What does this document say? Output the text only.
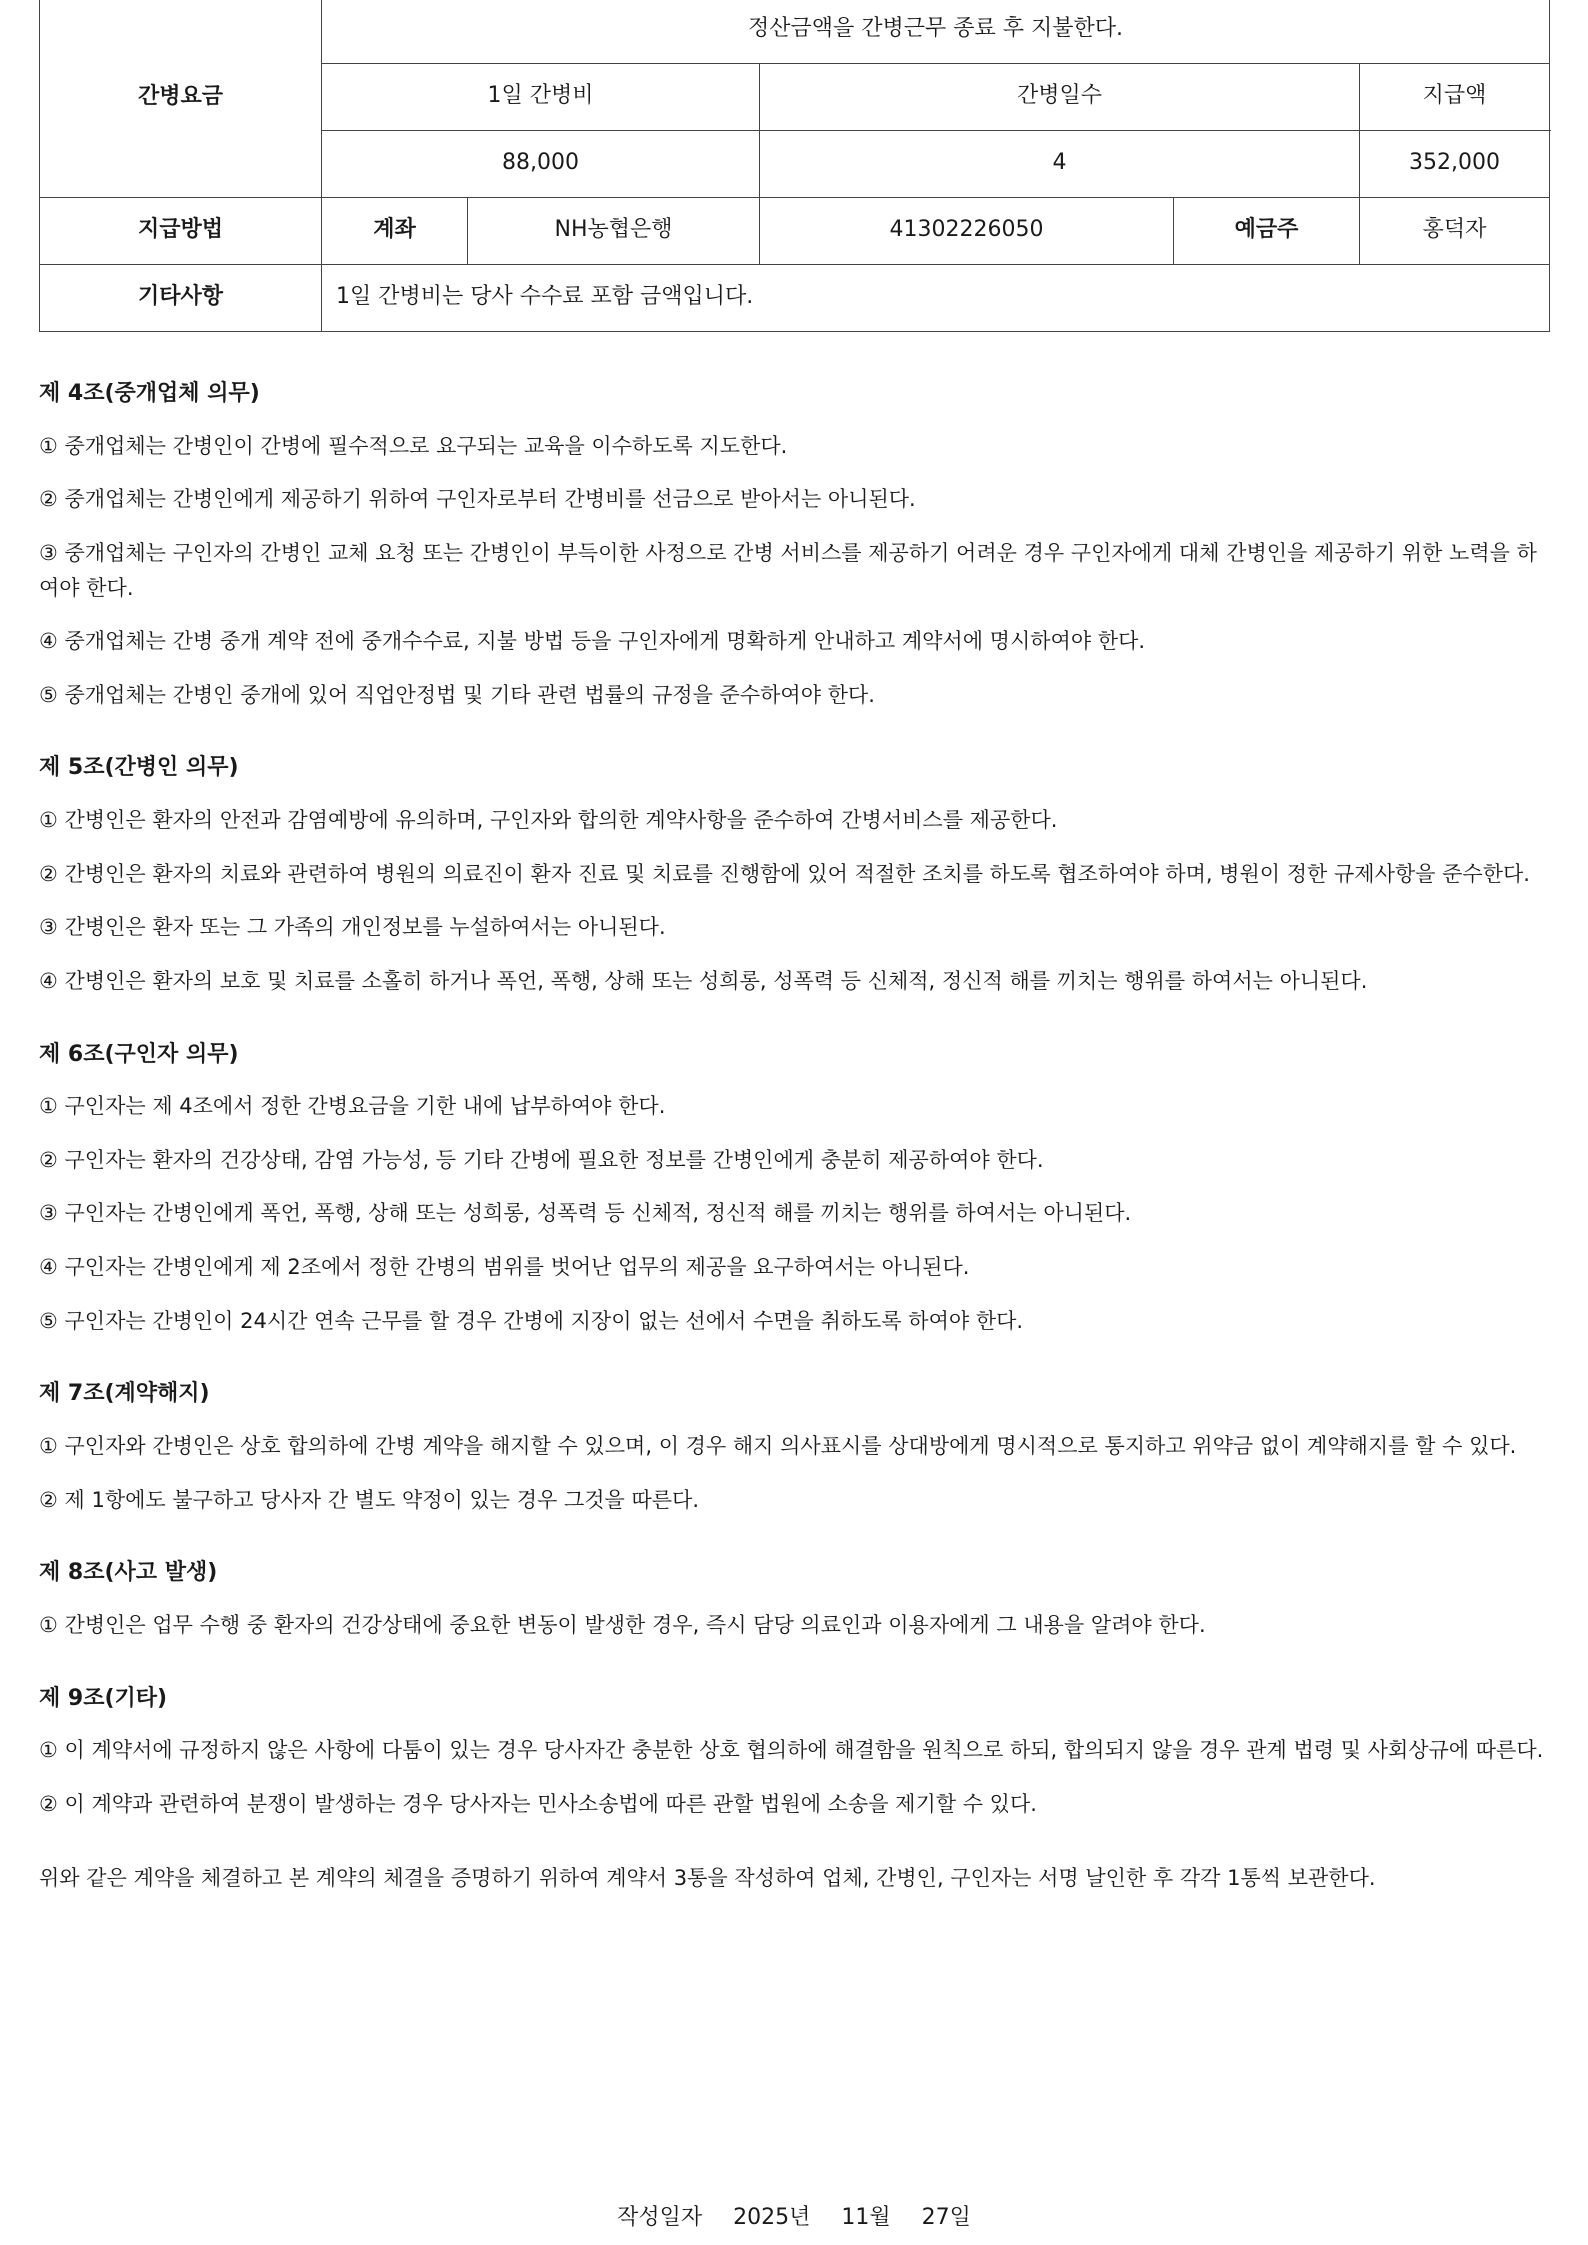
간병요금	정산금액을 간병근무 종료 후 지불한다.				
	1일 간병비		간병일수		지급액
	88,000		4		352,000
지급방법	계좌	NH농협은행	41302226050	예금주	홍덕자
기타사항	1일 간병비는 당사 수수료 포함 금액입니다.				
제 4조(중개업체 의무)

① 중개업체는 간병인이 간병에 필수적으로 요구되는 교육을 이수하도록 지도한다.

② 중개업체는 간병인에게 제공하기 위하여 구인자로부터 간병비를 선금으로 받아서는 아니된다.

③ 중개업체는 구인자의 간병인 교체 요청 또는 간병인이 부득이한 사정으로 간병 서비스를 제공하기 어려운 경우 구인자에게 대체 간병인을 제공하기 위한 노력을 하여야 한다.

④ 중개업체는 간병 중개 계약 전에 중개수수료, 지불 방법 등을 구인자에게 명확하게 안내하고 계약서에 명시하여야 한다.

⑤ 중개업체는 간병인 중개에 있어 직업안정법 및 기타 관련 법률의 규정을 준수하여야 한다.

제 5조(간병인 의무)

① 간병인은 환자의 안전과 감염예방에 유의하며, 구인자와 합의한 계약사항을 준수하여 간병서비스를 제공한다.

② 간병인은 환자의 치료와 관련하여 병원의 의료진이 환자 진료 및 치료를 진행함에 있어 적절한 조치를 하도록 협조하여야 하며, 병원이 정한 규제사항을 준수한다.

③ 간병인은 환자 또는 그 가족의 개인정보를 누설하여서는 아니된다.

④ 간병인은 환자의 보호 및 치료를 소홀히 하거나 폭언, 폭행, 상해 또는 성희롱, 성폭력 등 신체적, 정신적 해를 끼치는 행위를 하여서는 아니된다.

제 6조(구인자 의무)

① 구인자는 제 4조에서 정한 간병요금을 기한 내에 납부하여야 한다.

② 구인자는 환자의 건강상태, 감염 가능성, 등 기타 간병에 필요한 정보를 간병인에게 충분히 제공하여야 한다.

③ 구인자는 간병인에게 폭언, 폭행, 상해 또는 성희롱, 성폭력 등 신체적, 정신적 해를 끼치는 행위를 하여서는 아니된다.

④ 구인자는 간병인에게 제 2조에서 정한 간병의 범위를 벗어난 업무의 제공을 요구하여서는 아니된다.

⑤ 구인자는 간병인이 24시간 연속 근무를 할 경우 간병에 지장이 없는 선에서 수면을 취하도록 하여야 한다.

제 7조(계약해지)

① 구인자와 간병인은 상호 합의하에 간병 계약을 해지할 수 있으며, 이 경우 해지 의사표시를 상대방에게 명시적으로 통지하고 위약금 없이 계약해지를 할 수 있다.

② 제 1항에도 불구하고 당사자 간 별도 약정이 있는 경우 그것을 따른다.

제 8조(사고 발생)

① 간병인은 업무 수행 중 환자의 건강상태에 중요한 변동이 발생한 경우, 즉시 담당 의료인과 이용자에게 그 내용을 알려야 한다.

제 9조(기타)

① 이 계약서에 규정하지 않은 사항에 다툼이 있는 경우 당사자간 충분한 상호 협의하에 해결함을 원칙으로 하되, 합의되지 않을 경우 관계 법령 및 사회상규에 따른다.

② 이 계약과 관련하여 분쟁이 발생하는 경우 당사자는 민사소송법에 따른 관할 법원에 소송을 제기할 수 있다.

위와 같은 계약을 체결하고 본 계약의 체결을 증명하기 위하여 계약서 3통을 작성하여 업체, 간병인, 구인자는 서명 날인한 후 각각 1통씩 보관한다.

작성일자 2025년 11월 27일
